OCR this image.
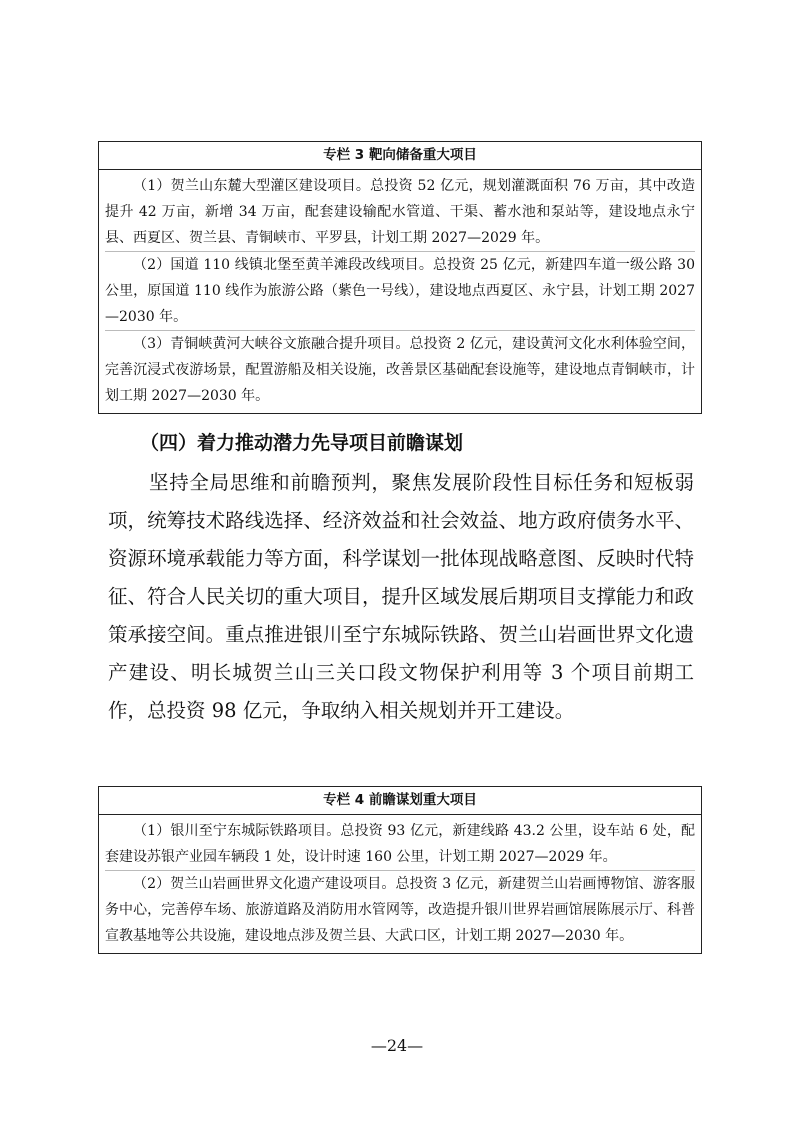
专栏 3 靶向储备重大项目

（1）贺兰山东麓大型灌区建设项目。总投资 52 亿元，规划灌溉面积 76 万亩，其中改造提升 42 万亩，新增 34 万亩，配套建设输配水管道、干渠、蓄水池和泵站等，建设地点永宁县、西夏区、贺兰县、青铜峡市、平罗县，计划工期 2027—2029 年。

（2）国道 110 线镇北堡至黄羊滩段改线项目。总投资 25 亿元，新建四车道一级公路 30 公里，原国道 110 线作为旅游公路（紫色一号线），建设地点西夏区、永宁县，计划工期 2027—2030 年。

（3）青铜峡黄河大峡谷文旅融合提升项目。总投资 2 亿元，建设黄河文化水利体验空间，完善沉浸式夜游场景，配置游船及相关设施，改善景区基础配套设施等，建设地点青铜峡市，计划工期 2027—2030 年。

（四）着力推动潜力先导项目前瞻谋划

坚持全局思维和前瞻预判，聚焦发展阶段性目标任务和短板弱项，统筹技术路线选择、经济效益和社会效益、地方政府债务水平、资源环境承载能力等方面，科学谋划一批体现战略意图、反映时代特征、符合人民关切的重大项目，提升区域发展后期项目支撑能力和政策承接空间。重点推进银川至宁东城际铁路、贺兰山岩画世界文化遗产建设、明长城贺兰山三关口段文物保护利用等 3 个项目前期工作，总投资 98 亿元，争取纳入相关规划并开工建设。

专栏 4 前瞻谋划重大项目

（1）银川至宁东城际铁路项目。总投资 93 亿元，新建线路 43.2 公里，设车站 6 处，配套建设苏银产业园车辆段 1 处，设计时速 160 公里，计划工期 2027—2029 年。

（2）贺兰山岩画世界文化遗产建设项目。总投资 3 亿元，新建贺兰山岩画博物馆、游客服务中心，完善停车场、旅游道路及消防用水管网等，改造提升银川世界岩画馆展陈展示厅、科普宣教基地等公共设施，建设地点涉及贺兰县、大武口区，计划工期 2027—2030 年。

—24—
